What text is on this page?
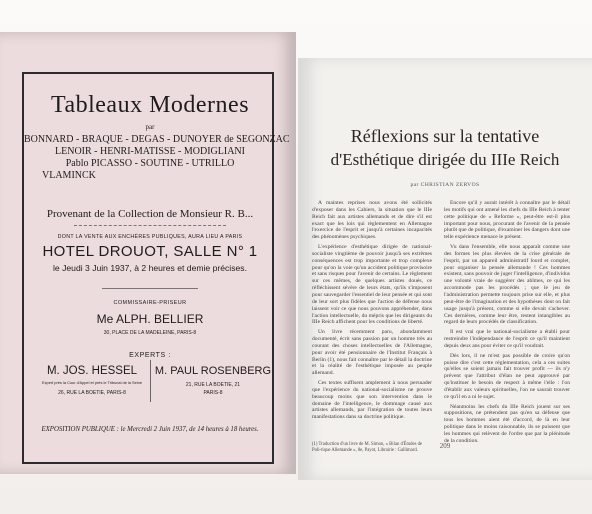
Tableaux Modernes
par
BONNARD - BRAQUE - DEGAS - DUNOYER de SEGONZAC
LENOIR - HENRI-MATISSE - MODIGLIANI
Pablo PICASSO - SOUTINE - UTRILLO
VLAMINCK
Provenant de la Collection de Monsieur R. B...
DONT LA VENTE AUX ENCHÈRES PUBLIQUES, AURA LIEU A PARIS
HOTEL DROUOT, SALLE N° 1
le Jeudi 3 Juin 1937, à 2 heures et demie précises.
COMMISSAIRE-PRISEUR
Me ALPH. BELLIER
30, PLACE DE LA MADELEINE, PARIS-8
EXPERTS :
M. JOS. HESSEL
Expert près la Cour d'Appel et près le Tribunal de la Seine
26, RUE LA BOETIE, PARIS-8
M. PAUL ROSENBERG
21, RUE LA BOETIE, 21
PARIS-8
EXPOSITION PUBLIQUE : le Mercredi 2 Juin 1937, de 14 heures à 18 heures.
Réflexions sur la tentative
d'Esthétique dirigée du IIIe Reich
par CHRISTIAN ZERVOS

A maintes reprises nous avons été sollicités d'exposer dans les Cahiers, la situation que le IIIe Reich fait aux artistes allemands et de dire s'il est exact que les lois qui règlementent en Allemagne l'exercice de l'esprit et jusqu'à certaines incapacités des phénomènes psychiques.

L'expérience d'esthétique dirigée de national-socialiste vingtième de pouvoir jusqu'à ses extrêmes conséquences est trop importante et trop complexe pour qu'on la voie qu'un accident politique provisoire et sans risques pour l'avenir de certains. Le règlement sur ces mêmes, de quelques artistes doués, ce réfléchissent sévère de leurs états, qu'ils s'imposent pour sauvegarder l'essentiel de leur pensée et qui sont de leur sort plus fidèles que l'action de défense nous laissent voir ce que nous pouvons appréhender, dans l'action intellectuelle, du mépris que les dirigeants du IIIe Reich affichent pour les conditions de liberté.

Un livre récemment paru, abondamment documenté, écrit sans passion par un homme très au courant des choses intellectuelles de l'Allemagne, pour avoir été pensionnaire de l'Institut Français à Berlin (1), nous fait connaître par le détail la doctrine et la réalité de l'esthétique imposée au peuple allemand.

Ces textes suffisent amplement à nous persuader que l'expérience du national-socialisme ne prouve beaucoup moins que son intervention dans le domaine de l'intelligence, le dommage causé aux artistes allemands, par l'intégration de toutes leurs manifestations dans sa doctrine politique.

(1) Traduction d'un livre de M. Simon, « Bilan d'Études de Poli-tique Allemande », 8e, Payot, Librairie : Gallimard.

Encore qu'il y aurait intérêt à connaître par le détail les motifs qui ont amené les chefs du IIIe Reich à tenter cette politique de « Reforme », peut-être est-il plus important pour nous, procurant de l'avenir de la pensée plutôt que de politique, d'examiner les dangers dont une telle expérience menace le présent.

Vu dans l'ensemble, elle nous apparaît comme une des formes les plus élevées de la crise générale de l'esprit, par un appareil administratif lourd et complet, pour organiser la pensée allemande ! Ces hommes existent, sans pouvoir de juger l'intelligence, d'individus une volonté vraie de suggérer des abîmes, ce qui les accommode pas les procédés ; que le jeu de l'administration permette toujours prise sur elle, et plus peut-être de l'imagination et des hypothèses dont on fait usage jusqu'à présent, comme si elle devait s'achever. Ces dernières, comme leur être, restent intangibles au regard de leurs procédés de classification.

Il est vrai que le national-socialisme a établi pour restreindre l'indépendance de l'esprit ce qu'il maintient depuis deux ans pour éviter ce qu'il voudrait.

Dès lors, il ne m'est pas possible de croire qu'on puisse dire c'est cette réglementation, cela a ces suites qu'elles se soient jamais fait trouver profit — ils n'y prévent que l'attribut d'élan ne peut approuvé par qu'instituer le besoin de respect à même l'elle : l'on d'établir aux valeurs spirituelles, l'on ne saurait trouver ce qu'il en a ni le sujet.

Néanmoins les chefs du IIIe Reich jouent sur ses suppositions, ne prétendent pas qu'en sa défense que tous les hommes aient été d'accord, de là en leur politique dans le moins raisonnable, ils se puissent que les hommes qui relèvent de l'ordre que par la plénitude de la condition.

209
